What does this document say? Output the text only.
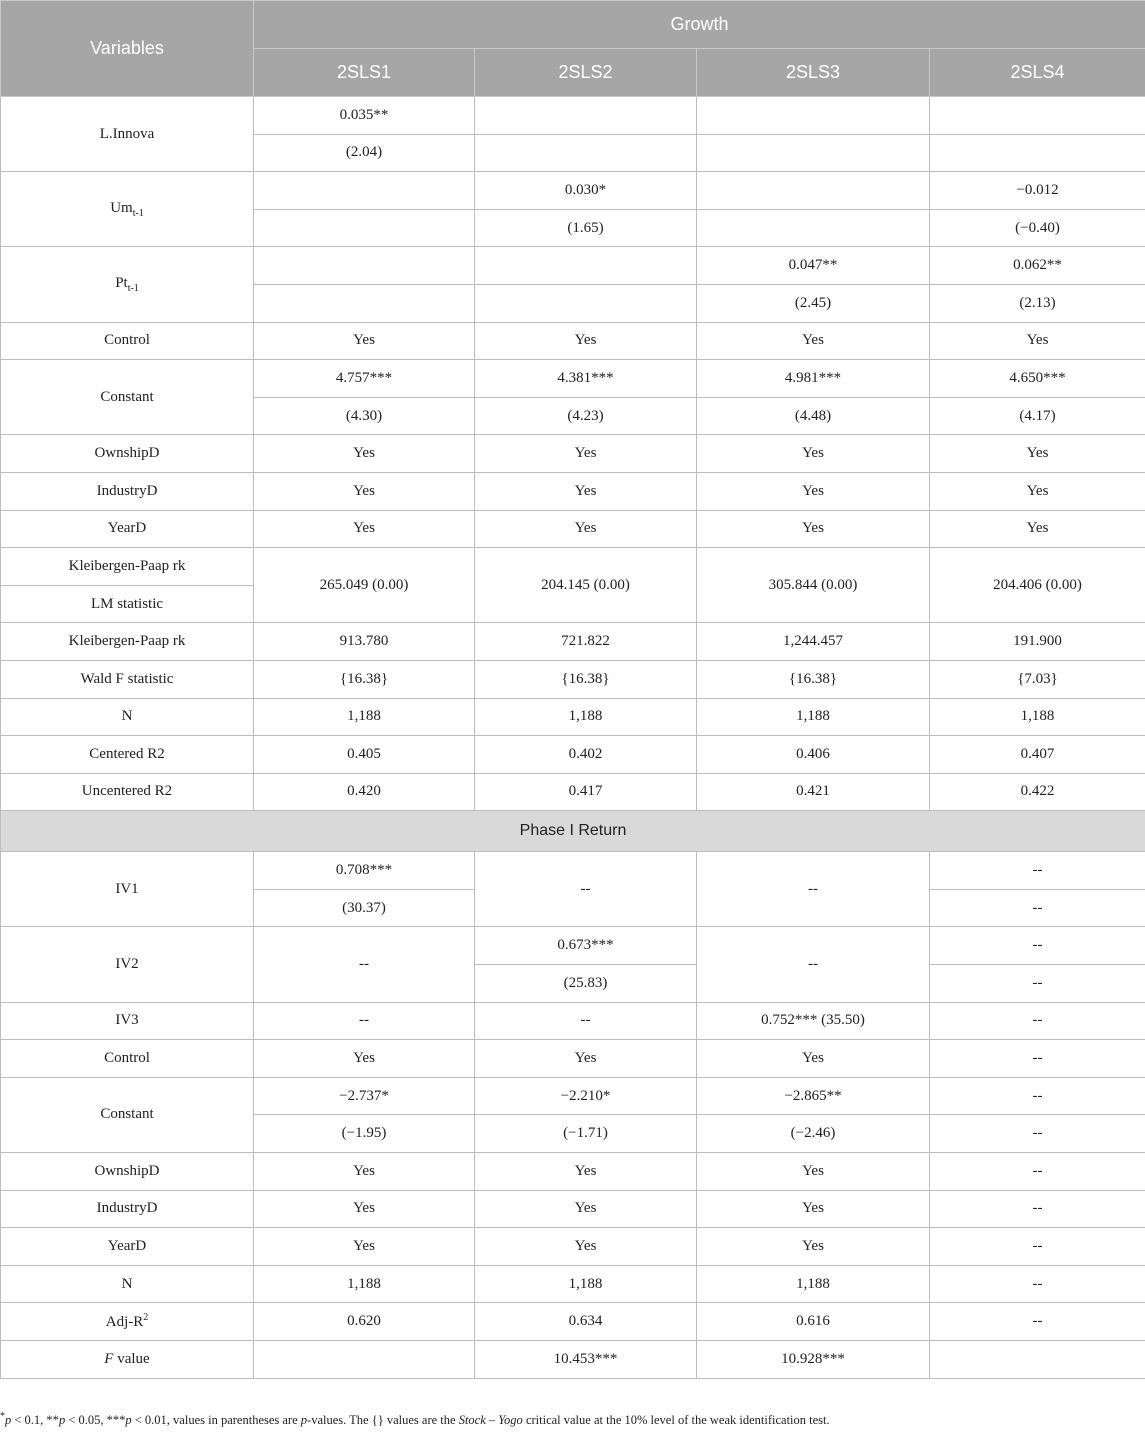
Variables	Growth			
	2SLS1	2SLS2	2SLS3	2SLS4
L.Innova	0.035**			
	(2.04)			
$Um_{t-1}$		0.030*		−0.012
		(1.65)		(−0.40)
$Pt_{t-1}$			0.047**	0.062**
			(2.45)	(2.13)
Control	Yes	Yes	Yes	Yes
Constant	4.757***	4.381***	4.981***	4.650***
	(4.30)	(4.23)	(4.48)	(4.17)
OwnshipD	Yes	Yes	Yes	Yes
IndustryD	Yes	Yes	Yes	Yes
YearD	Yes	Yes	Yes	Yes
Kleibergen-Paap rk	265.049 (0.00)	204.145 (0.00)	305.844 (0.00)	204.406 (0.00)
LM statistic				
Kleibergen-Paap rk	913.780	721.822	1,244.457	191.900
Wald F statistic	{16.38}	{16.38}	{16.38}	{7.03}
N	1,188	1,188	1,188	1,188
Centered R2	0.405	0.402	0.406	0.407
Uncentered R2	0.420	0.417	0.421	0.422
Phase I Return				
IV1	0.708***	--	--	--
	(30.37)			--
IV2	--	0.673***	--	--
		(25.83)		--
IV3	--	--	0.752*** (35.50)	--
Control	Yes	Yes	Yes	--
Constant	−2.737*	−2.210*	−2.865**	--
	(−1.95)	(−1.71)	(−2.46)	--
OwnshipD	Yes	Yes	Yes	--
IndustryD	Yes	Yes	Yes	--
YearD	Yes	Yes	Yes	--
N	1,188	1,188	1,188	--
Adj-$R^2$	0.620	0.634	0.616	--
F value		10.453***	10.928***	
*p < 0.1, **p < 0.05, ***p < 0.01, values in parentheses are p-values. The {} values are the Stock – Yogo critical value at the 10% level of the weak identification test.
